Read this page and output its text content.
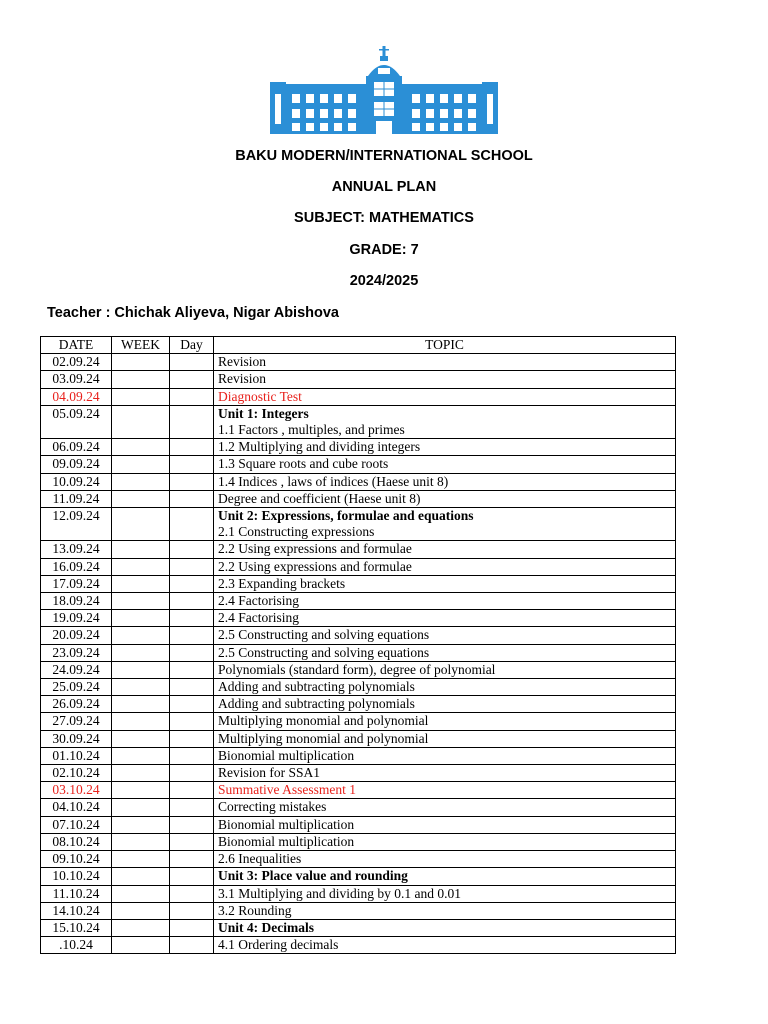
BAKU MODERN/INTERNATIONAL SCHOOL
ANNUAL PLAN
SUBJECT: MATHEMATICS
GRADE: 7
2024/2025
Teacher : Chichak Aliyeva, Nigar Abishova
DATE	WEEK	Day	TOPIC
02.09.24			Revision

03.09.24			Revision

04.09.24			Diagnostic Test

05.09.24			Unit 1: Integers
1.1 Factors , multiples, and primes

06.09.24			1.2 Multiplying and dividing integers

09.09.24			1.3 Square roots and cube roots

10.09.24			1.4 Indices , laws of indices (Haese unit 8)

11.09.24			Degree and coefficient (Haese unit 8)

12.09.24			Unit 2: Expressions, formulae and equations
2.1 Constructing expressions

13.09.24			2.2 Using expressions and formulae

16.09.24			2.2 Using expressions and formulae

17.09.24			2.3 Expanding brackets

18.09.24			2.4 Factorising

19.09.24			2.4 Factorising

20.09.24			2.5 Constructing and solving equations

23.09.24			2.5 Constructing and solving equations

24.09.24			Polynomials (standard form), degree of polynomial

25.09.24			Adding and subtracting polynomials

26.09.24			Adding and subtracting polynomials

27.09.24			Multiplying monomial and polynomial

30.09.24			Multiplying monomial and polynomial

01.10.24			Bionomial multiplication

02.10.24			Revision for SSA1

03.10.24			Summative Assessment 1

04.10.24			Correcting mistakes

07.10.24			Bionomial multiplication

08.10.24			Bionomial multiplication

09.10.24			2.6 Inequalities

10.10.24			Unit 3: Place value and rounding

11.10.24			3.1 Multiplying and dividing by 0.1 and 0.01

14.10.24			3.2 Rounding

15.10.24			Unit 4: Decimals

.10.24			4.1 Ordering decimals
